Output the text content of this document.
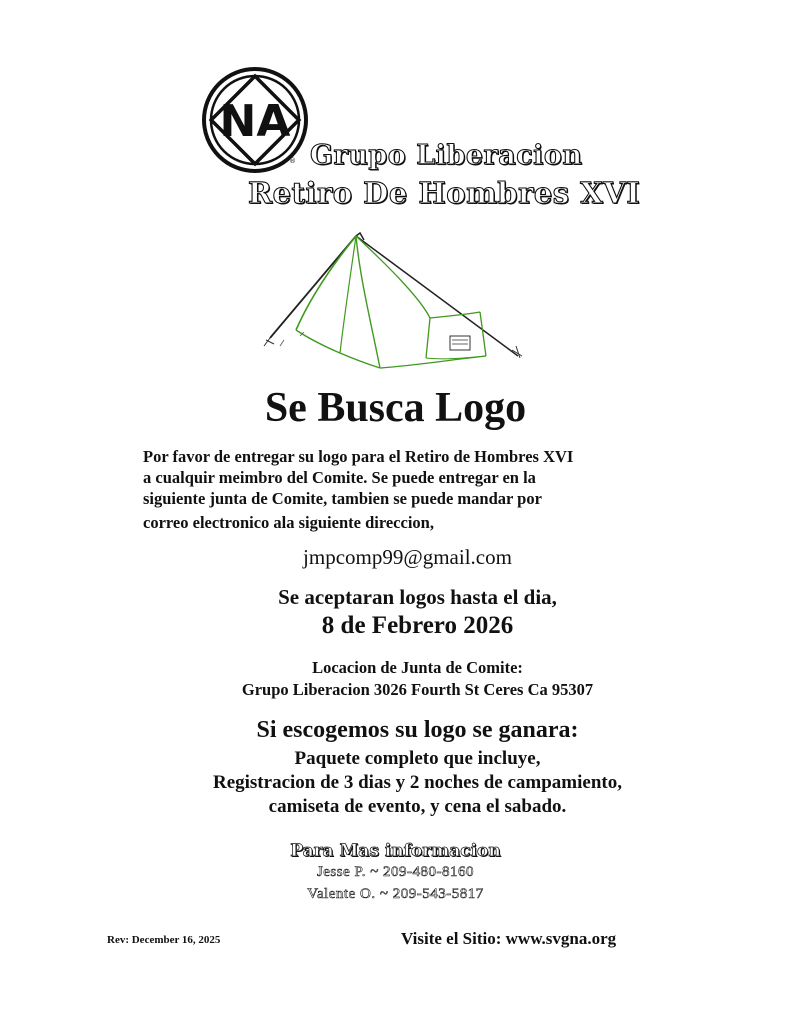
NA
® Grupo Liberacion
Retiro De Hombres XVI
Se Busca Logo
Por favor de entregar su logo para el Retiro de Hombres XVI
a cualquir meimbro del Comite. Se puede entregar en la
siguiente junta de Comite, tambien se puede mandar por
correo electronico ala siguiente direccion,
jmpcomp99@gmail.com
Se aceptaran logos hasta el dia,
8 de Febrero 2026
Locacion de Junta de Comite:
Grupo Liberacion 3026 Fourth St Ceres Ca 95307
Si escogemos su logo se ganara:
Paquete completo que incluye,
Registracion de 3 dias y 2 noches de campamiento,
camiseta de evento, y cena el sabado.
Para Mas informacion
Jesse P. ~ 209-480-8160
Valente O. ~ 209-543-5817
Rev: December 16, 2025	Visite el Sitio: www.svgna.org
